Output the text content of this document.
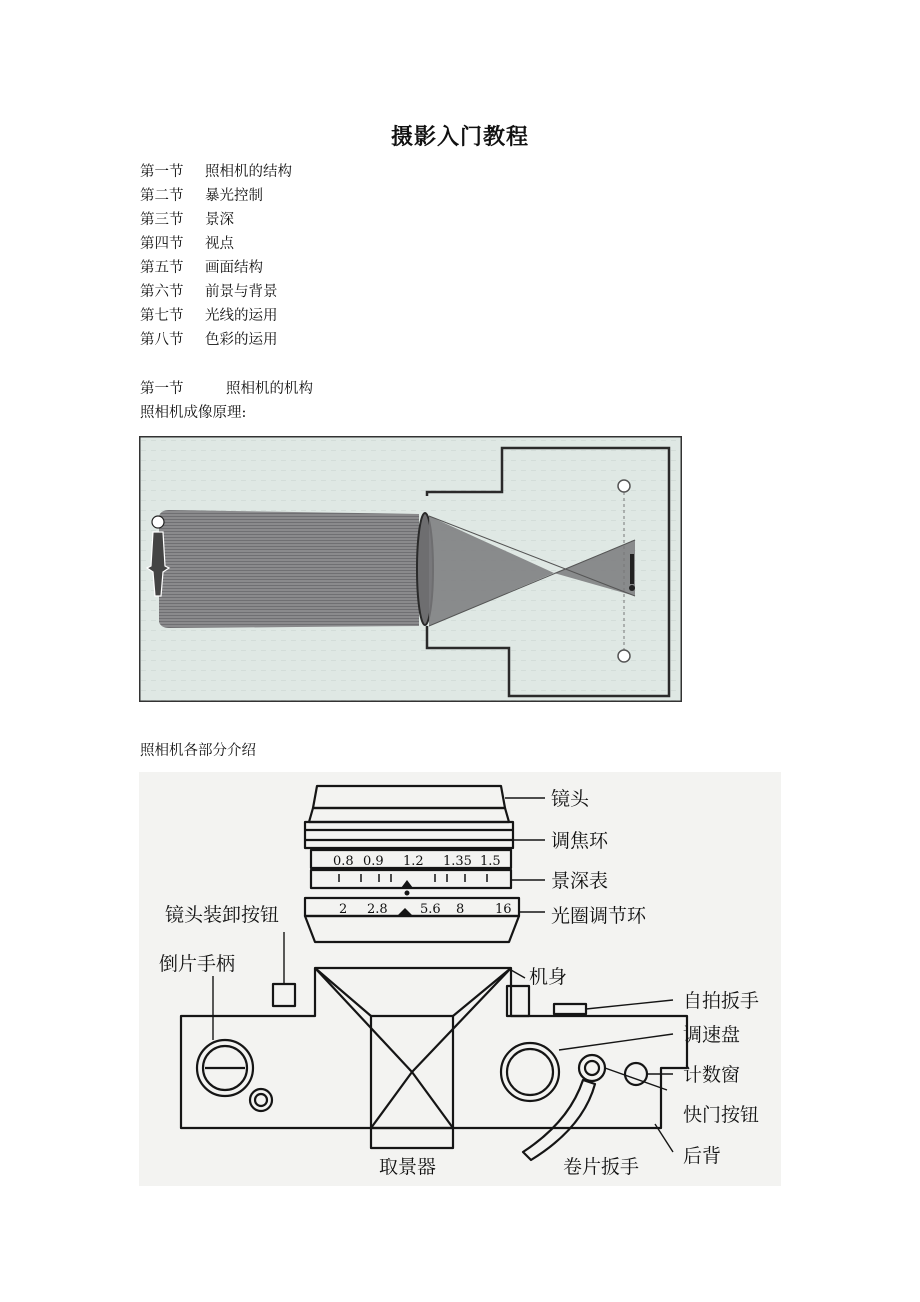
摄影入门教程
第一节	照相机的结构
第二节	暴光控制
第三节	景深
第四节	视点
第五节	画面结构
第六节	前景与背景
第七节	光线的运用
第八节	色彩的运用
第一节	照相机的机构
照相机成像原理:
照相机各部分介绍
0.8 0.9 1.2 1.35 1.5
2 2.8 5.6 8 16
镜头
调焦环
景深表
光圈调节环
镜头装卸按钮
倒片手柄
机身
自拍扳手
调速盘
计数窗
快门按钮
后背
卷片扳手
取景器
